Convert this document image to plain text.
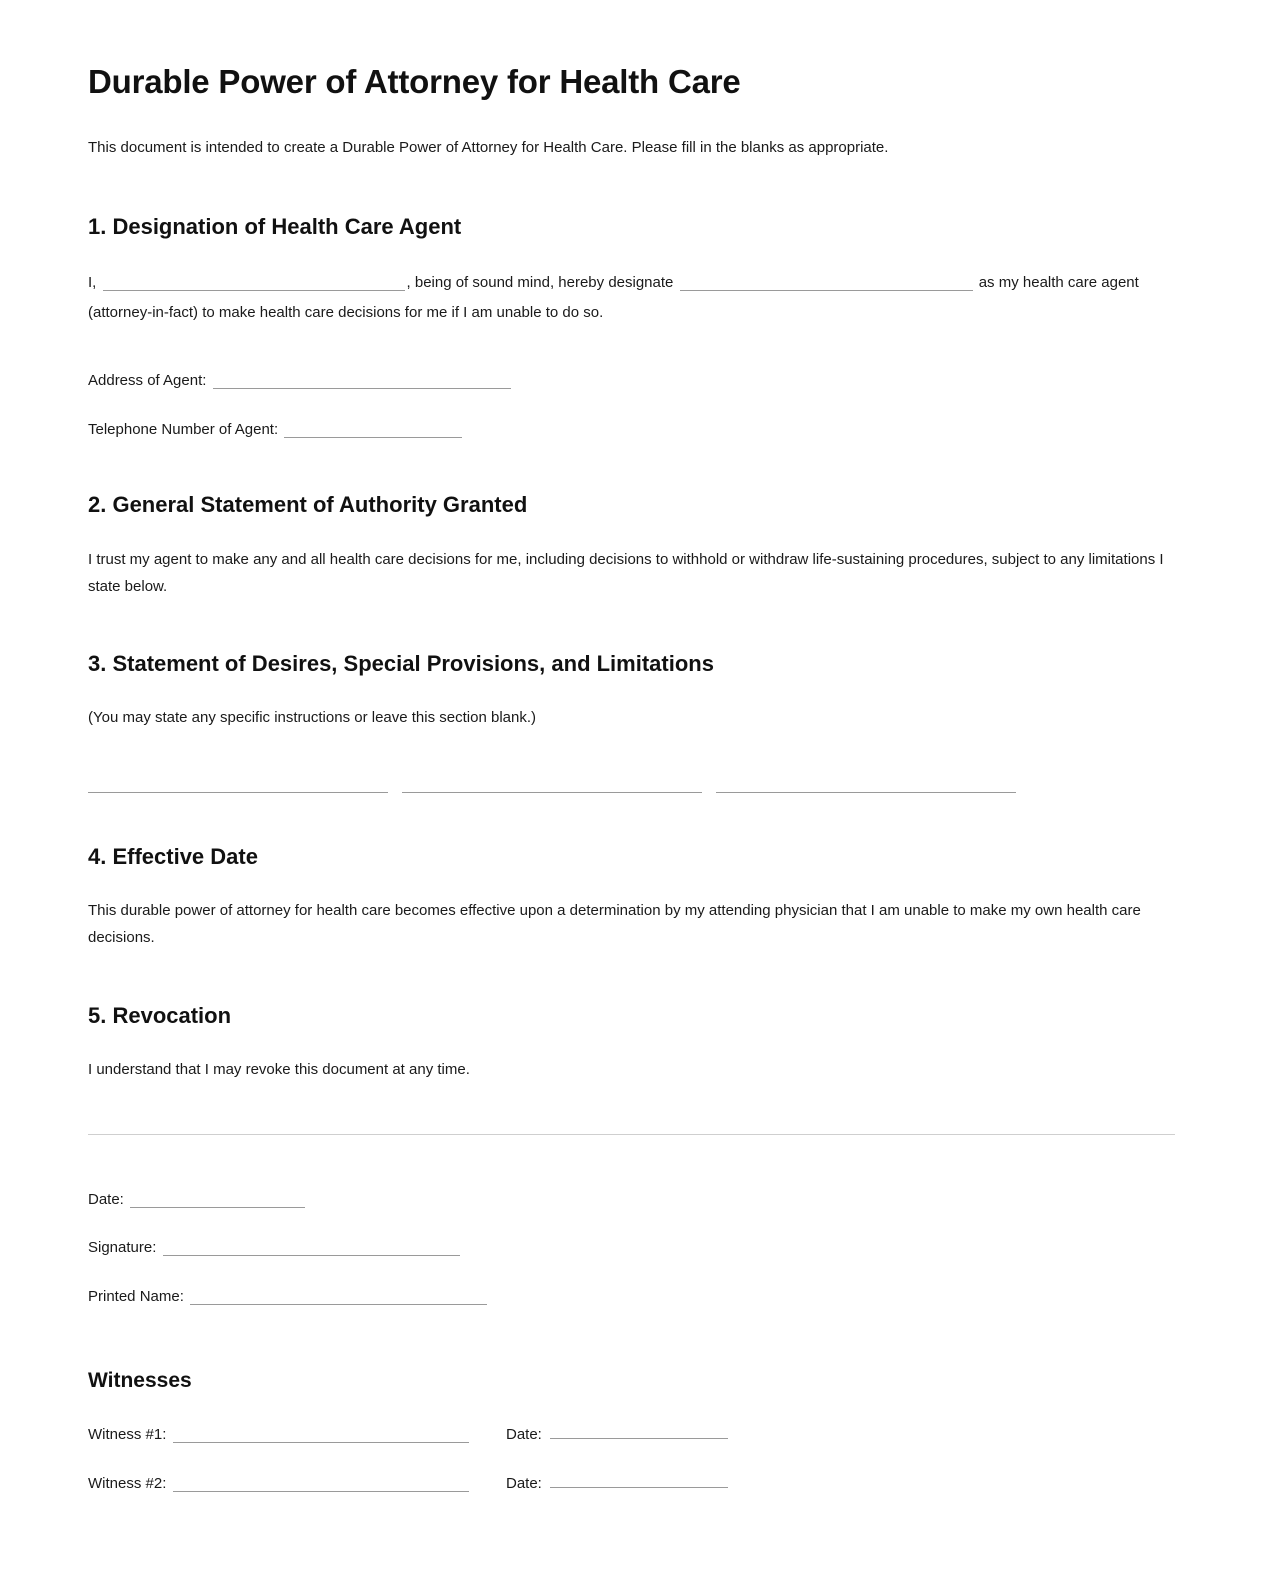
Durable Power of Attorney for Health Care

This document is intended to create a Durable Power of Attorney for Health Care. Please fill in the blanks as appropriate.

1. Designation of Health Care Agent

I,	, being of sound mind, hereby designate	as my health care agent (attorney-in-fact) to make health care decisions for me if I am unable to do so.

Address of Agent:
Telephone Number of Agent:
2. General Statement of Authority Granted

I trust my agent to make any and all health care decisions for me, including decisions to withhold or withdraw life-sustaining procedures, subject to any limitations I state below.

3. Statement of Desires, Special Provisions, and Limitations

(You may state any specific instructions or leave this section blank.)

4. Effective Date

This durable power of attorney for health care becomes effective upon a determination by my attending physician that I am unable to make my own health care decisions.

5. Revocation

I understand that I may revoke this document at any time.

Date:
Signature:
Printed Name:
Witnesses
Witness #1:	Date:
Witness #2:	Date:
